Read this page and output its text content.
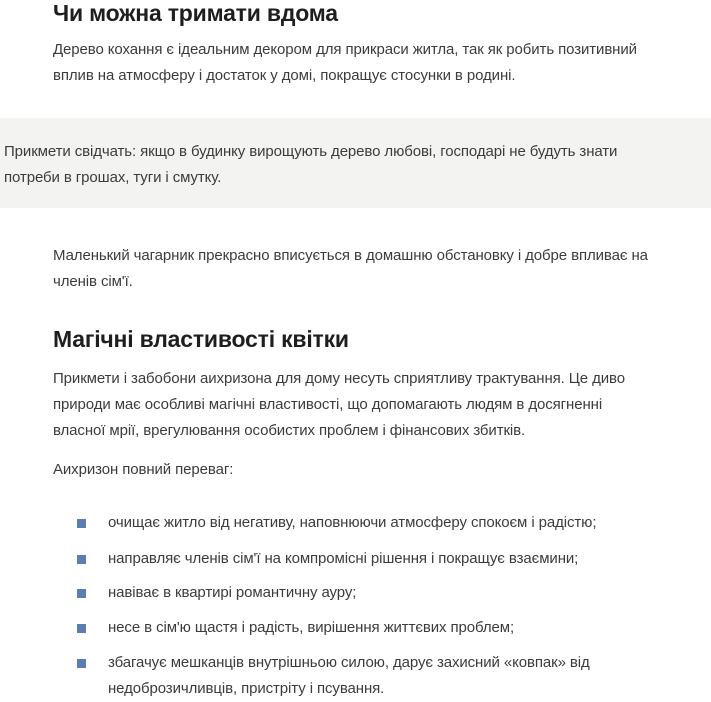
Чи можна тримати вдома
Дерево кохання є ідеальним декором для прикраси житла, так як робить позитивний
вплив на атмосферу і достаток у домі, покращує стосунки в родині.
Прикмети свідчать: якщо в будинку вирощують дерево любові, господарі не будуть знати
потреби в грошах, туги і смутку.
Маленький чагарник прекрасно вписується в домашню обстановку і добре впливає на
членів сім'ї.
Магічні властивості квітки
Прикмети і забобони аихризона для дому несуть сприятливу трактування. Це диво
природи має особливі магічні властивості, що допомагають людям в досягненні
власної мрії, врегулювання особистих проблем і фінансових збитків.
Аихризон повний переваг:
очищає житло від негативу, наповнюючи атмосферу спокоєм і радістю;
направляє членів сім'ї на компромісні рішення і покращує взаємини;
навіває в квартирі романтичну ауру;
несе в сім'ю щастя і радість, вирішення життєвих проблем;
збагачує мешканців внутрішньою силою, дарує захисний «ковпак» від
недоброзичливців, пристріту і псування.
